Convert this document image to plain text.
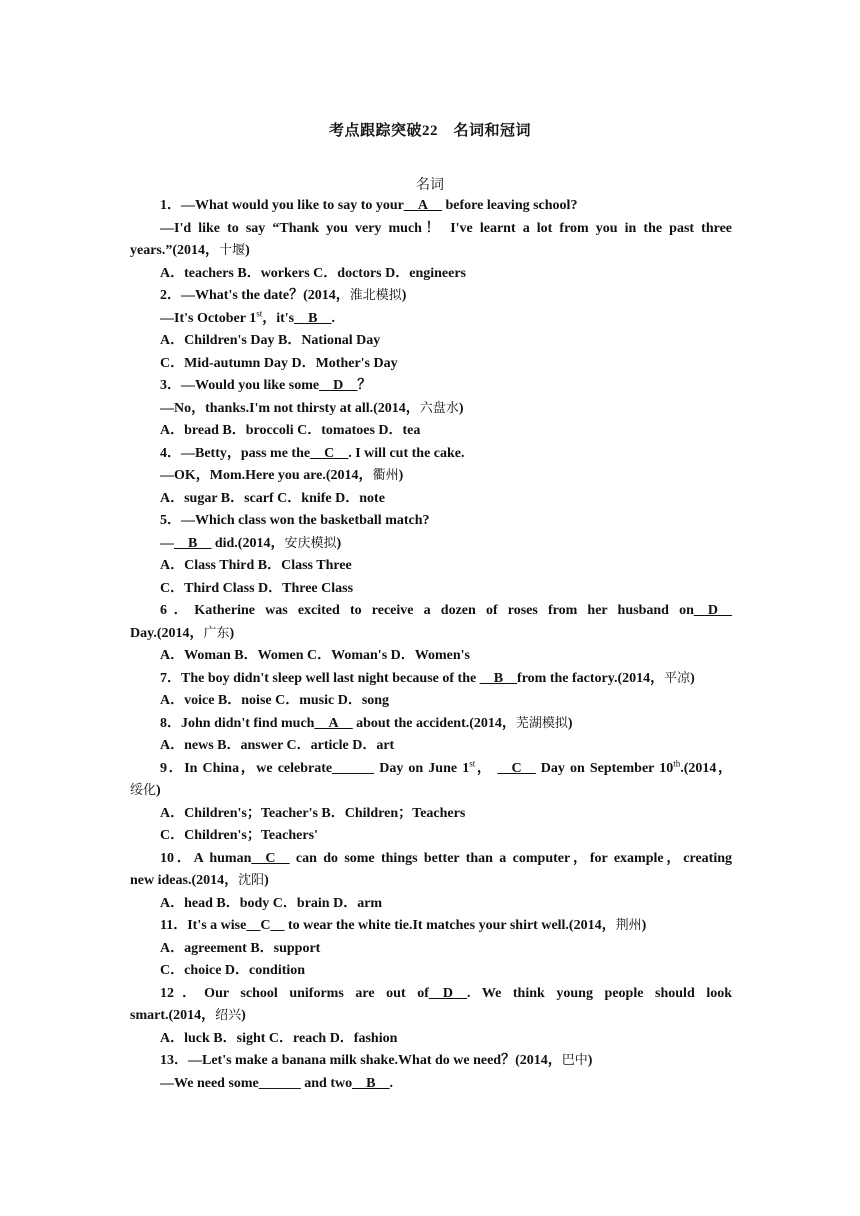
考点跟踪突破22　名词和冠词
名词
1．—What would you like to say to your__A__ before leaving school?
—I'd like to say “Thank you very much！ I've learnt a lot from you in the past three
years.”(2014，十堰)
A．teachers B．workers C．doctors D．engineers
2．—What's the date？(2014，淮北模拟)
—It's October 1st，it's__B__.
A．Children's Day B．National Day
C．Mid-autumn Day D．Mother's Day
3．—Would you like some__D__？
—No，thanks.I'm not thirsty at all.(2014，六盘水)
A．bread B．broccoli C．tomatoes D．tea
4．—Betty，pass me the__C__. I will cut the cake.
—OK，Mom.Here you are.(2014，衢州)
A．sugar B．scarf C．knife D．note
5．—Which class won the basketball match?
—__B__ did.(2014，安庆模拟)
A．Class Third B．Class Three
C．Third Class D．Three Class
6．Katherine was excited to receive a dozen of roses from her husband on__D__
Day.(2014，广东)
A．Woman B．Women C．Woman's D．Women's
7．The boy didn't sleep well last night because of the __B__from the factory.(2014，平凉)
A．voice B．noise C．music D．song
8．John didn't find much__A__ about the accident.(2014，芜湖模拟)
A．news B．answer C．article D．art
9．In China，we celebrate______ Day on June 1st， __C__ Day on September 10th.(2014，
绥化)
A．Children's；Teacher's B．Children；Teachers
C．Children's；Teachers'
10．A human__C__ can do some things better than a computer，for example，creating
new ideas.(2014，沈阳)
A．head B．body C．brain D．arm
11．It's a wise__C__ to wear the white tie.It matches your shirt well.(2014，荆州)
A．agreement B．support
C．choice D．condition
12．Our school uniforms are out of__D__. We think young people should look
smart.(2014，绍兴)
A．luck B．sight C．reach D．fashion
13．—Let's make a banana milk shake.What do we need？(2014，巴中)
—We need some______ and two__B__.
